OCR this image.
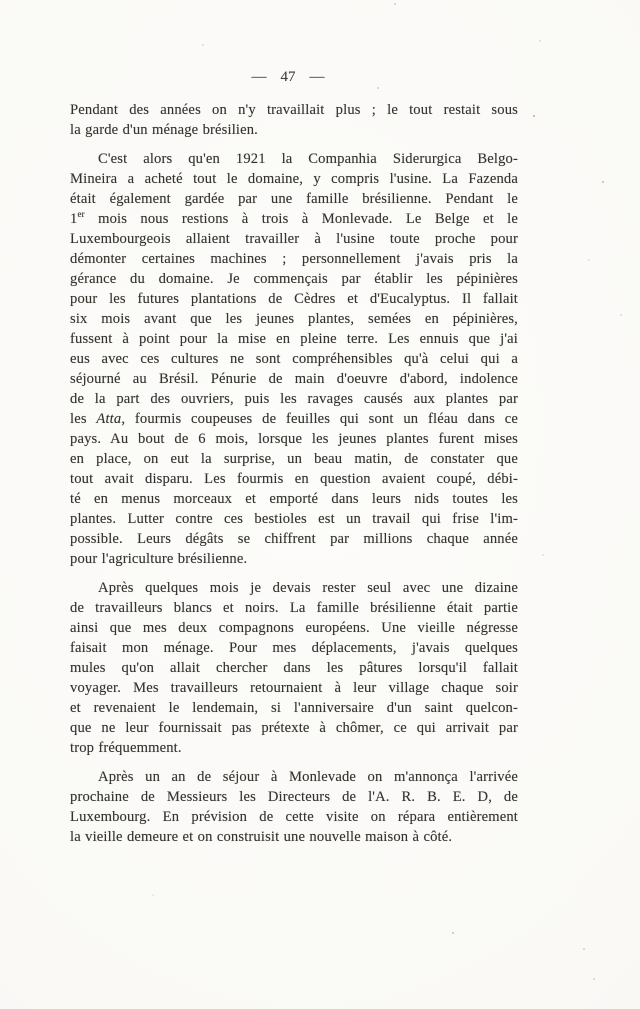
— 47 —
Pendant des années on n'y travaillait plus ; le tout restait sous
la garde d'un ménage brésilien.
C'est alors qu'en 1921 la Companhia Siderurgica Belgo-
Mineira a acheté tout le domaine, y compris l'usine. La Fazenda
était également gardée par une famille brésilienne. Pendant le
1er mois nous restions à trois à Monlevade. Le Belge et le
Luxembourgeois allaient travailler à l'usine toute proche pour
démonter certaines machines ; personnellement j'avais pris la
gérance du domaine. Je commençais par établir les pépinières
pour les futures plantations de Cèdres et d'Eucalyptus. Il fallait
six mois avant que les jeunes plantes, semées en pépinières,
fussent à point pour la mise en pleine terre. Les ennuis que j'ai
eus avec ces cultures ne sont compréhensibles qu'à celui qui a
séjourné au Brésil. Pénurie de main d'oeuvre d'abord, indolence
de la part des ouvriers, puis les ravages causés aux plantes par
les Atta, fourmis coupeuses de feuilles qui sont un fléau dans ce
pays. Au bout de 6 mois, lorsque les jeunes plantes furent mises
en place, on eut la surprise, un beau matin, de constater que
tout avait disparu. Les fourmis en question avaient coupé, débi-
té en menus morceaux et emporté dans leurs nids toutes les
plantes. Lutter contre ces bestioles est un travail qui frise l'im-
possible. Leurs dégâts se chiffrent par millions chaque année
pour l'agriculture brésilienne.
Après quelques mois je devais rester seul avec une dizaine
de travailleurs blancs et noirs. La famille brésilienne était partie
ainsi que mes deux compagnons européens. Une vieille négresse
faisait mon ménage. Pour mes déplacements, j'avais quelques
mules qu'on allait chercher dans les pâtures lorsqu'il fallait
voyager. Mes travailleurs retournaient à leur village chaque soir
et revenaient le lendemain, si l'anniversaire d'un saint quelcon-
que ne leur fournissait pas prétexte à chômer, ce qui arrivait par
trop fréquemment.
Après un an de séjour à Monlevade on m'annonça l'arrivée
prochaine de Messieurs les Directeurs de l'A. R. B. E. D, de
Luxembourg. En prévision de cette visite on répara entièrement
la vieille demeure et on construisit une nouvelle maison à côté.
